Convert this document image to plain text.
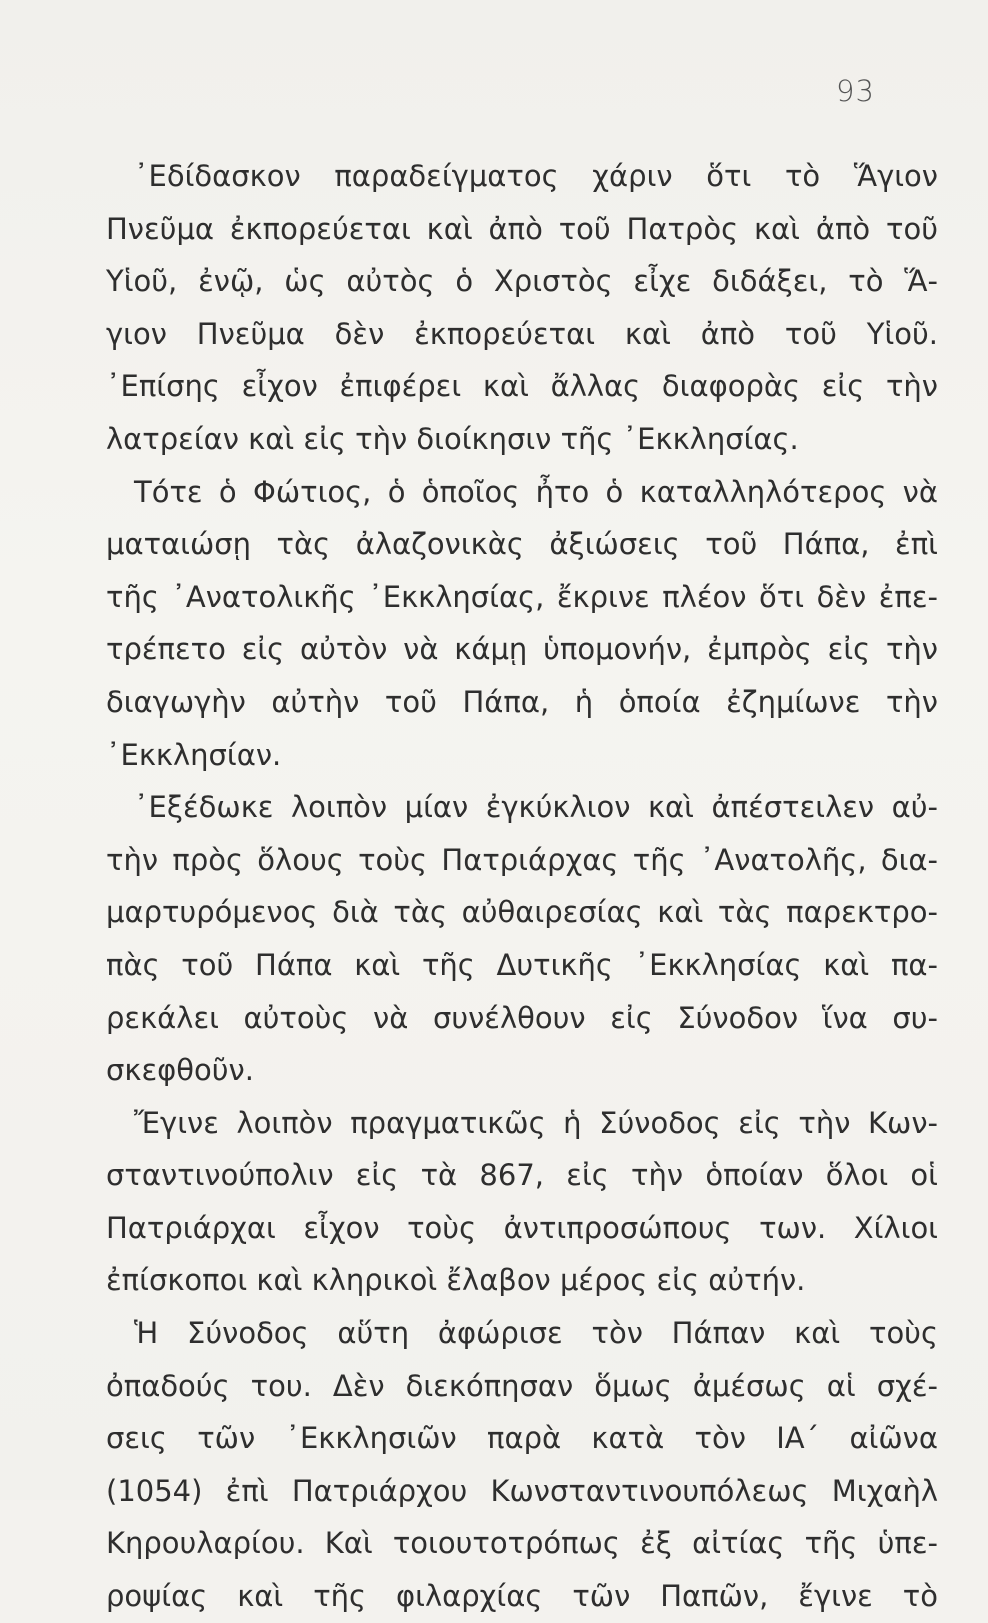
93
᾿Εδίδασκον παραδείγματος χάριν ὅτι τὸ Ἅγιον
Πνεῦμα ἐκπορεύεται καὶ ἀπὸ τοῦ Πατρὸς καὶ ἀπὸ τοῦ
Υἱοῦ, ἐνῷ, ὡς αὐτὸς ὁ Χριστὸς εἶχε διδάξει, τὸ Ἅ-
γιον Πνεῦμα δὲν ἐκπορεύεται καὶ ἀπὸ τοῦ Υἱοῦ.
᾿Επίσης εἶχον ἐπιφέρει καὶ ἄλλας διαφορὰς εἰς τὴν
λατρείαν καὶ εἰς τὴν διοίκησιν τῆς ᾿Εκκλησίας.
Τότε ὁ Φώτιος, ὁ ὁποῖος ἦτο ὁ καταλληλότερος νὰ
ματαιώσῃ τὰς ἀλαζονικὰς ἀξιώσεις τοῦ Πάπα, ἐπὶ
τῆς ᾿Ανατολικῆς ᾿Εκκλησίας, ἔκρινε πλέον ὅτι δὲν ἐπε-
τρέπετο εἰς αὐτὸν νὰ κάμῃ ὑπομονήν, ἐμπρὸς εἰς τὴν
διαγωγὴν αὐτὴν τοῦ Πάπα, ἡ ὁποία ἐζημίωνε τὴν
᾿Εκκλησίαν.
᾿Εξέδωκε λοιπὸν μίαν ἐγκύκλιον καὶ ἀπέστειλεν αὐ-
τὴν πρὸς ὅλους τοὺς Πατριάρχας τῆς ᾿Ανατολῆς, δια-
μαρτυρόμενος διὰ τὰς αὐθαιρεσίας καὶ τὰς παρεκτρο-
πὰς τοῦ Πάπα καὶ τῆς Δυτικῆς ᾿Εκκλησίας καὶ πα-
ρεκάλει αὐτοὺς νὰ συνέλθουν εἰς Σύνοδον ἵνα συ-
σκεφθοῦν.
Ἔγινε λοιπὸν πραγματικῶς ἡ Σύνοδος εἰς τὴν Κων-
σταντινούπολιν εἰς τὰ 867, εἰς τὴν ὁποίαν ὅλοι οἱ
Πατριάρχαι εἶχον τοὺς ἀντιπροσώπους των. Χίλιοι
ἐπίσκοποι καὶ κληρικοὶ ἔλαβον μέρος εἰς αὐτήν.
Ἡ Σύνοδος αὕτη ἀφώρισε τὸν Πάπαν καὶ τοὺς
ὀπαδούς του. Δὲν διεκόπησαν ὅμως ἀμέσως αἱ σχέ-
σεις τῶν ᾿Εκκλησιῶν παρὰ κατὰ τὸν ΙΑ΄ αἰῶνα
(1054) ἐπὶ Πατριάρχου Κωνσταντινουπόλεως Μιχαὴλ
Κηρουλαρίου. Καὶ τοιουτοτρόπως ἐξ αἰτίας τῆς ὑπε-
ροψίας καὶ τῆς φιλαρχίας τῶν Παπῶν, ἔγινε τὸ
